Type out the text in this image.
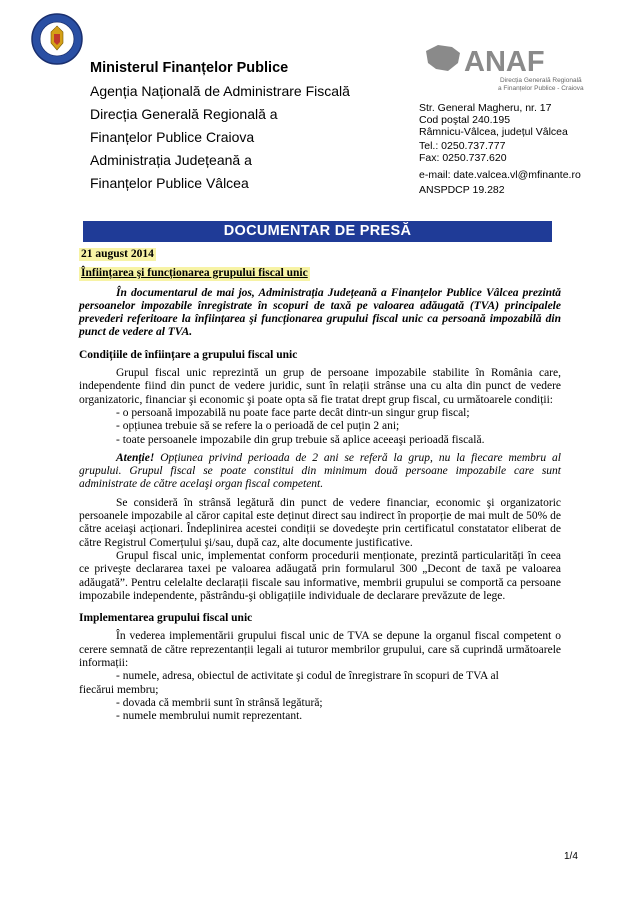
Ministerul Finanțelor Publice
Agenția Națională de Administrare Fiscală
Direcția Generală Regională a
Finanțelor Publice Craiova
Administrația Județeană a
Finanțelor Publice Vâlcea
ANAF
Direcția Generală Regională
a Finanțelor Publice - Craiova
Str. General Magheru, nr. 17
Cod poştal 240.195
Râmnicu-Vâlcea, județul Vâlcea
Tel.: 0250.737.777
Fax: 0250.737.620
e-mail: date.valcea.vl@mfinante.ro
ANSPDCP 19.282
DOCUMENTAR DE PRESĂ

21 august 2014

Înființarea şi funcționarea grupului fiscal unic

În documentarul de mai jos, Administrația Județeană a Finanțelor Publice Vâlcea prezintă persoanelor impozabile înregistrate în scopuri de taxă pe valoarea adăugată (TVA) principalele prevederi referitoare la înființarea şi funcționarea grupului fiscal unic ca persoană impozabilă din punct de vedere al TVA.

Condițiile de înființare a grupului fiscal unic

Grupul fiscal unic reprezintă un grup de persoane impozabile stabilite în România care, independente fiind din punct de vedere juridic, sunt în relații strânse una cu alta din punct de vedere organizatoric, financiar şi economic şi poate opta să fie tratat drept grup fiscal, cu următoarele condiții:

- o persoană impozabilă nu poate face parte decât dintr-un singur grup fiscal;

- opțiunea trebuie să se refere la o perioadă de cel puțin 2 ani;

- toate persoanele impozabile din grup trebuie să aplice aceeaşi perioadă fiscală.

Atenție! Opțiunea privind perioada de 2 ani se referă la grup, nu la fiecare membru al grupului. Grupul fiscal se poate constitui din minimum două persoane impozabile care sunt administrate de către acelaşi organ fiscal competent.

Se consideră în strânsă legătură din punct de vedere financiar, economic şi organizatoric persoanele impozabile al căror capital este deținut direct sau indirect în proporție de mai mult de 50% de către aceiaşi acționari. Îndeplinirea acestei condiții se dovedeşte prin certificatul constatator eliberat de către Registrul Comerțului şi/sau, după caz, alte documente justificative.

Grupul fiscal unic, implementat conform procedurii menționate, prezintă particularități în ceea ce priveşte declararea taxei pe valoarea adăugată prin formularul 300 „Decont de taxă pe valoarea adăugată”. Pentru celelalte declarații fiscale sau informative, membrii grupului se comportă ca persoane impozabile independente, păstrându-şi obligațiile individuale de declarare prevăzute de lege.

Implementarea grupului fiscal unic

În vederea implementării grupului fiscal unic de TVA se depune la organul fiscal competent o cerere semnată de către reprezentanții legali ai tuturor membrilor grupului, care să cuprindă următoarele informații:

- numele, adresa, obiectul de activitate şi codul de înregistrare în scopuri de TVA al

fiecărui membru;

- dovada că membrii sunt în strânsă legătură;

- numele membrului numit reprezentant.

1/4
